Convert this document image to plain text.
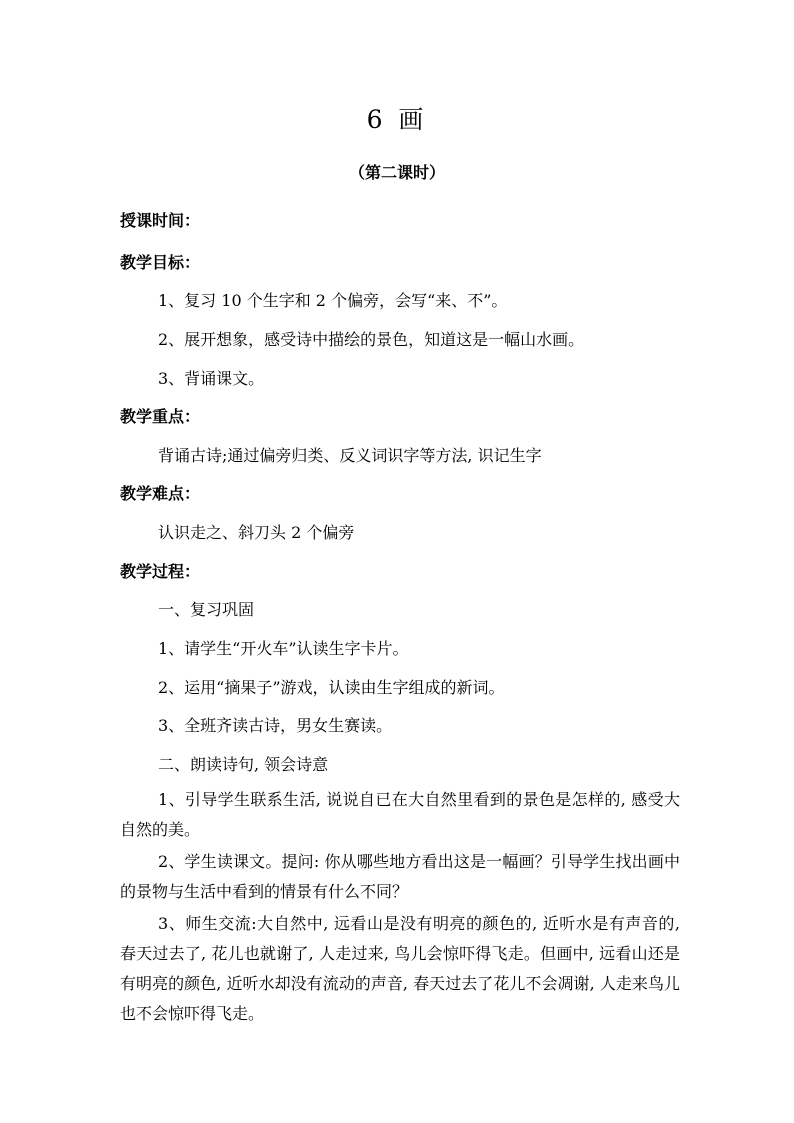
6 画
（第二课时）
授课时间：
教学目标：
1、复习 10 个生字和 2 个偏旁，会写“来、不”。
2、展开想象，感受诗中描绘的景色，知道这是一幅山水画。
3、背诵课文。
教学重点：
背诵古诗;通过偏旁归类、反义词识字等方法, 识记生字
教学难点：
认识走之、斜刀头 2 个偏旁
教学过程：
一、复习巩固
1、请学生“开火车”认读生字卡片。
2、运用“摘果子”游戏，认读由生字组成的新词。
3、全班齐读古诗，男女生赛读。
二、朗读诗句, 领会诗意
1、引导学生联系生活, 说说自已在大自然里看到的景色是怎样的, 感受大自然的美。
2、学生读课文。提问: 你从哪些地方看出这是一幅画？引导学生找出画中的景物与生活中看到的情景有什么不同？
3、师生交流:大自然中, 远看山是没有明亮的颜色的, 近听水是有声音的, 春天过去了, 花儿也就谢了, 人走过来, 鸟儿会惊吓得飞走。但画中, 远看山还是有明亮的颜色, 近听水却没有流动的声音, 春天过去了花儿不会凋谢, 人走来鸟儿也不会惊吓得飞走。
